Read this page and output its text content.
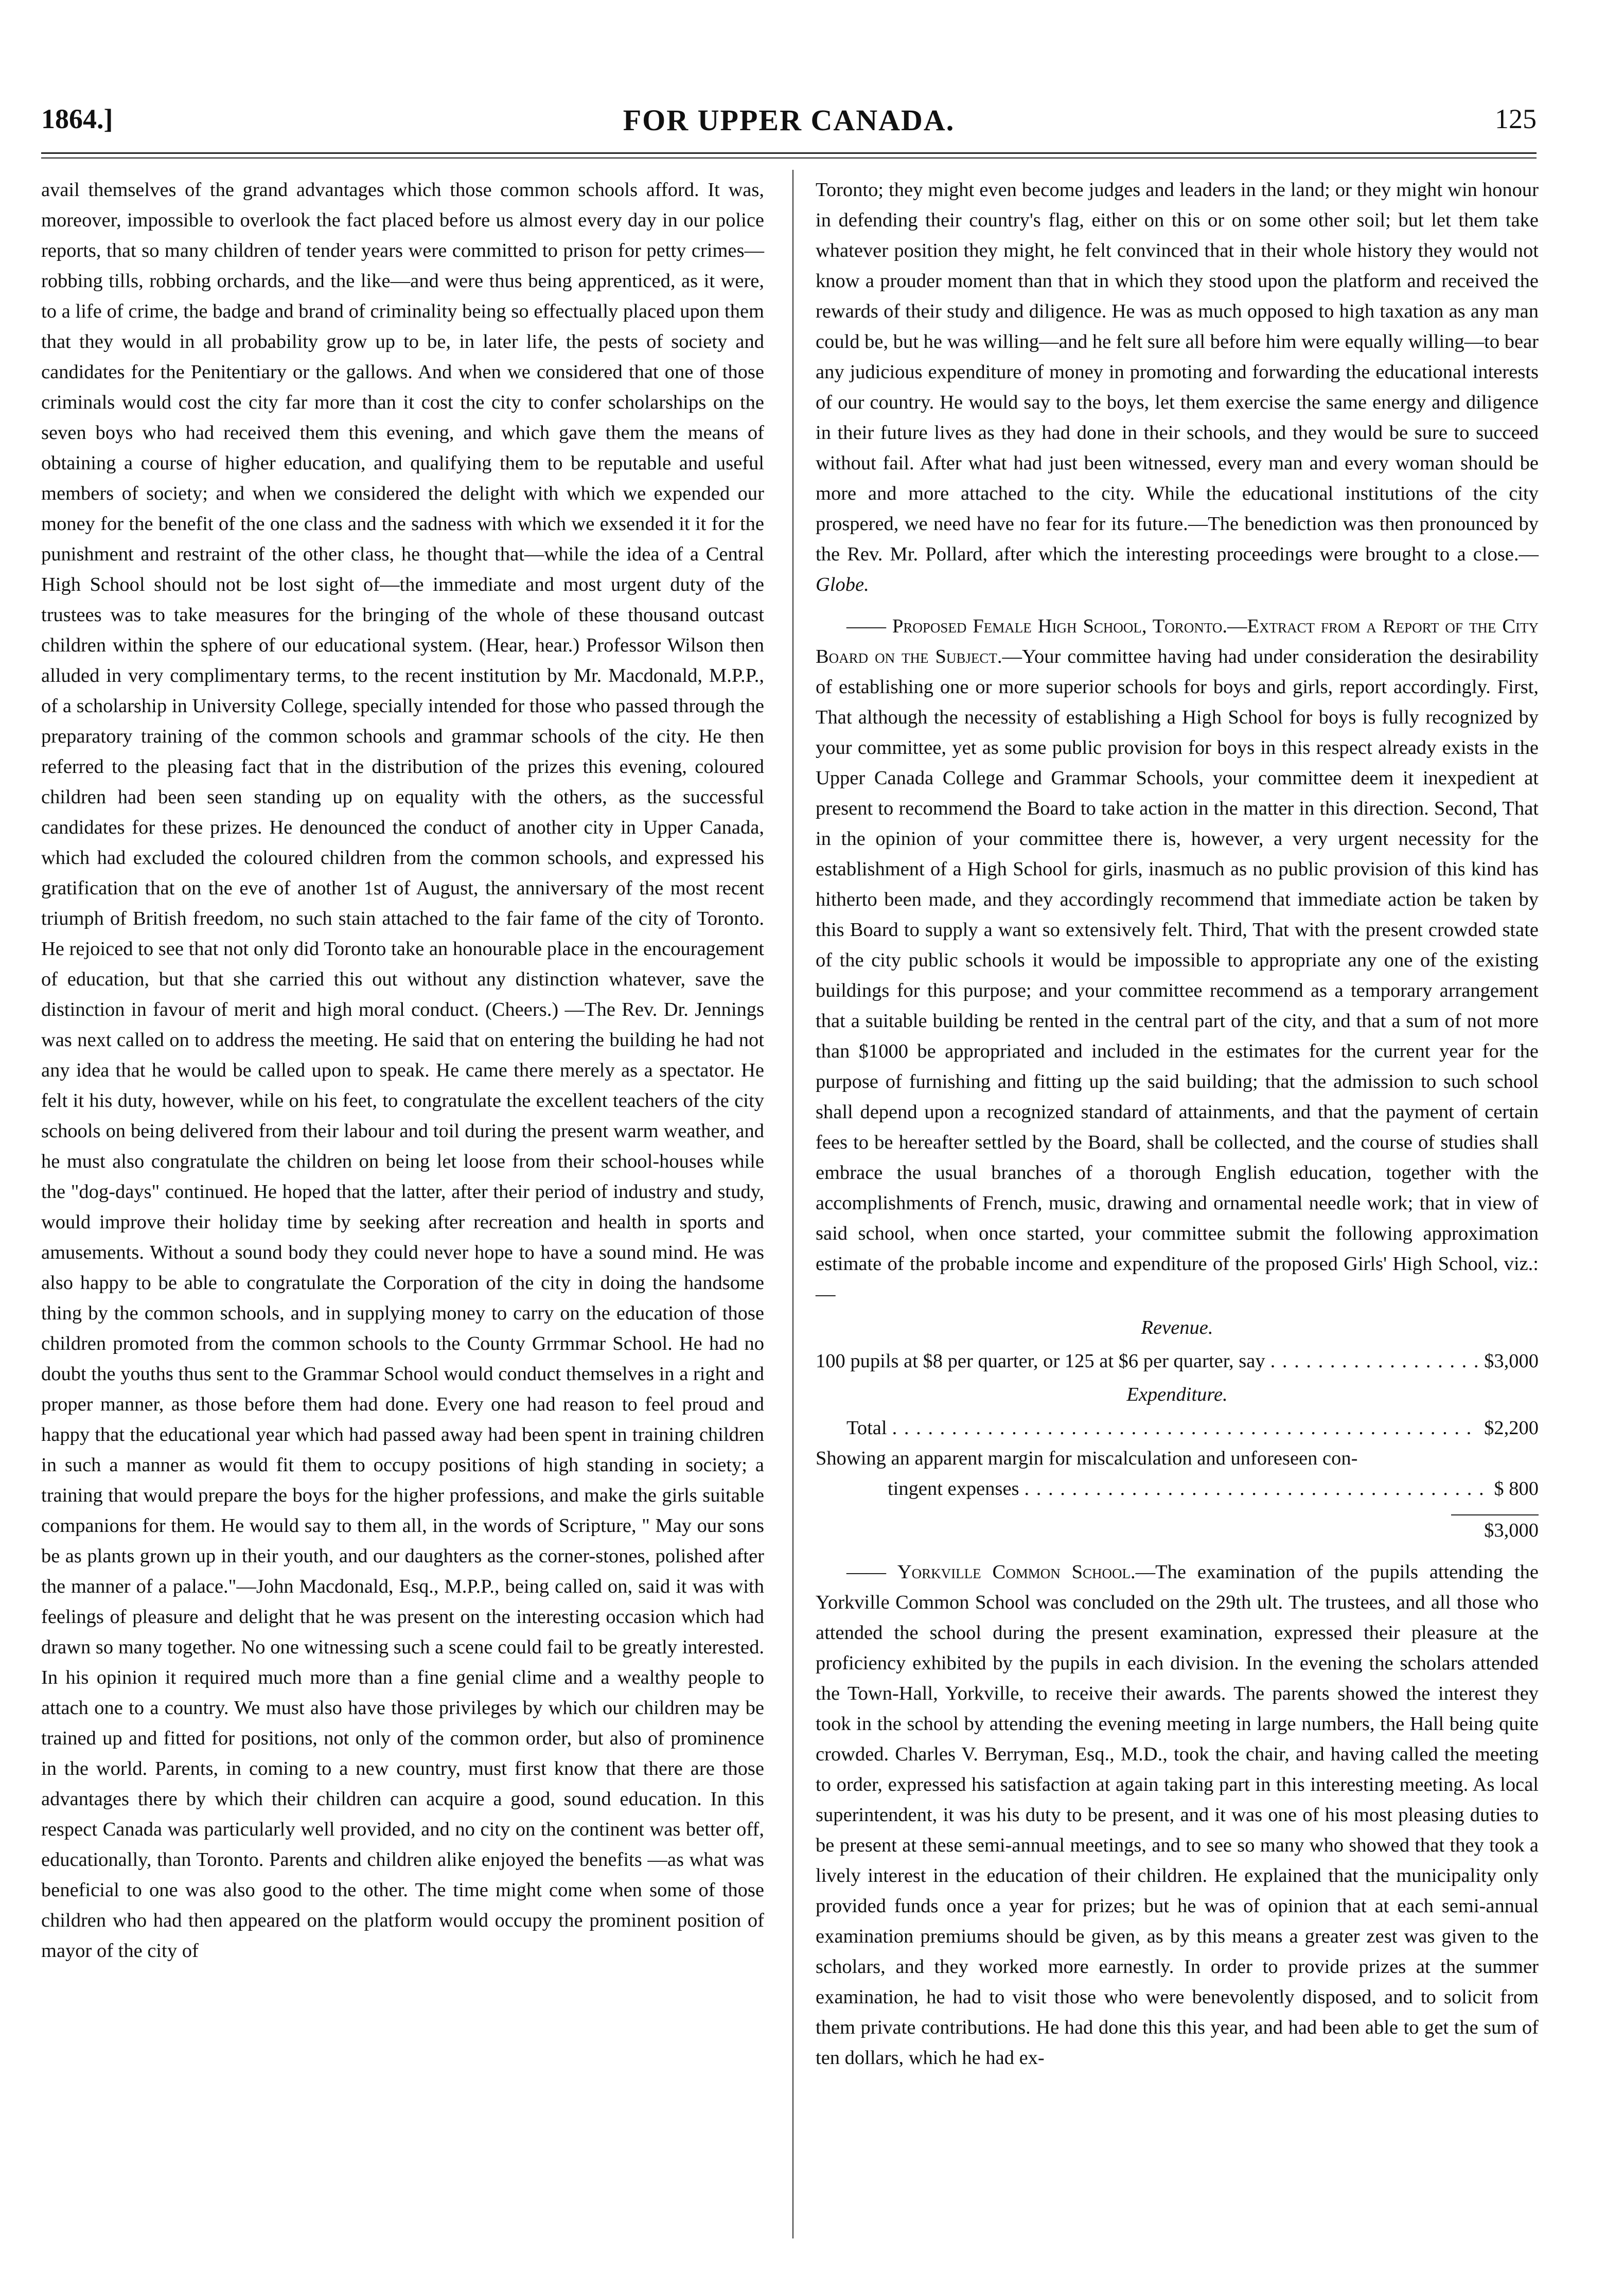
1864.]	FOR UPPER CANADA.	125

avail themselves of the grand advantages which those common schools afford. It was, moreover, impossible to overlook the fact placed before us almost every day in our police reports, that so many children of tender years were committed to prison for petty crimes—robbing tills, robbing orchards, and the like—and were thus being apprenticed, as it were, to a life of crime, the badge and brand of criminality being so effectually placed upon them that they would in all probability grow up to be, in later life, the pests of society and candidates for the Penitentiary or the gallows. And when we considered that one of those criminals would cost the city far more than it cost the city to confer scholarships on the seven boys who had received them this evening, and which gave them the means of obtaining a course of higher education, and qualifying them to be reputable and useful members of society; and when we considered the delight with which we expended our money for the benefit of the one class and the sadness with which we exsended it it for the punishment and restraint of the other class, he thought that—while the idea of a Central High School should not be lost sight of—the immediate and most urgent duty of the trustees was to take measures for the bringing of the whole of these thousand outcast children within the sphere of our educational system. (Hear, hear.) Professor Wilson then alluded in very complimentary terms, to the recent institution by Mr. Macdonald, M.P.P., of a scholarship in University College, specially intended for those who passed through the preparatory training of the common schools and grammar schools of the city. He then referred to the pleasing fact that in the distribution of the prizes this evening, coloured children had been seen standing up on equality with the others, as the successful candidates for these prizes. He denounced the conduct of another city in Upper Canada, which had excluded the coloured children from the common schools, and expressed his gratification that on the eve of another 1st of August, the anniversary of the most recent triumph of British freedom, no such stain attached to the fair fame of the city of Toronto. He rejoiced to see that not only did Toronto take an honourable place in the encouragement of education, but that she carried this out without any distinction whatever, save the distinction in favour of merit and high moral conduct. (Cheers.) —The Rev. Dr. Jennings was next called on to address the meeting. He said that on entering the building he had not any idea that he would be called upon to speak. He came there merely as a spectator. He felt it his duty, however, while on his feet, to congratulate the excellent teachers of the city schools on being delivered from their labour and toil during the present warm weather, and he must also congratulate the children on being let loose from their school-houses while the "dog-days" continued. He hoped that the latter, after their period of industry and study, would improve their holiday time by seeking after recreation and health in sports and amusements. Without a sound body they could never hope to have a sound mind. He was also happy to be able to congratulate the Corporation of the city in doing the handsome thing by the common schools, and in supplying money to carry on the education of those children promoted from the common schools to the County Grrmmar School. He had no doubt the youths thus sent to the Grammar School would conduct themselves in a right and proper manner, as those before them had done. Every one had reason to feel proud and happy that the educational year which had passed away had been spent in training children in such a manner as would fit them to occupy positions of high standing in society; a training that would prepare the boys for the higher professions, and make the girls suitable companions for them. He would say to them all, in the words of Scripture, " May our sons be as plants grown up in their youth, and our daughters as the corner-stones, polished after the manner of a palace."—John Macdonald, Esq., M.P.P., being called on, said it was with feelings of pleasure and delight that he was present on the interesting occasion which had drawn so many together. No one witnessing such a scene could fail to be greatly interested. In his opinion it required much more than a fine genial clime and a wealthy people to attach one to a country. We must also have those privileges by which our children may be trained up and fitted for positions, not only of the common order, but also of prominence in the world. Parents, in coming to a new country, must first know that there are those advantages there by which their children can acquire a good, sound education. In this respect Canada was particularly well provided, and no city on the continent was better off, educationally, than Toronto. Parents and children alike enjoyed the benefits —as what was beneficial to one was also good to the other. The time might come when some of those children who had then appeared on the platform would occupy the prominent position of mayor of the city of

Toronto; they might even become judges and leaders in the land; or they might win honour in defending their country's flag, either on this or on some other soil; but let them take whatever position they might, he felt convinced that in their whole history they would not know a prouder moment than that in which they stood upon the platform and received the rewards of their study and diligence. He was as much opposed to high taxation as any man could be, but he was willing—and he felt sure all before him were equally willing—to bear any judicious expenditure of money in promoting and forwarding the educational interests of our country. He would say to the boys, let them exercise the same energy and diligence in their future lives as they had done in their schools, and they would be sure to succeed without fail. After what had just been witnessed, every man and every woman should be more and more attached to the city. While the educational institutions of the city prospered, we need have no fear for its future.—The benediction was then pronounced by the Rev. Mr. Pollard, after which the interesting proceedings were brought to a close.—Globe.

—— Proposed Female High School, Toronto.—Extract from a Report of the City Board on the Subject.—Your committee having had under consideration the desirability of establishing one or more superior schools for boys and girls, report accordingly. First, That although the necessity of establishing a High School for boys is fully recognized by your committee, yet as some public provision for boys in this respect already exists in the Upper Canada College and Grammar Schools, your committee deem it inexpedient at present to recommend the Board to take action in the matter in this direction. Second, That in the opinion of your committee there is, however, a very urgent necessity for the establishment of a High School for girls, inasmuch as no public provision of this kind has hitherto been made, and they accordingly recommend that immediate action be taken by this Board to supply a want so extensively felt. Third, That with the present crowded state of the city public schools it would be impossible to appropriate any one of the existing buildings for this purpose; and your committee recommend as a temporary arrangement that a suitable building be rented in the central part of the city, and that a sum of not more than $1000 be appropriated and included in the estimates for the current year for the purpose of furnishing and fitting up the said building; that the admission to such school shall depend upon a recognized standard of attainments, and that the payment of certain fees to be hereafter settled by the Board, shall be collected, and the course of studies shall embrace the usual branches of a thorough English education, together with the accomplishments of French, music, drawing and ornamental needle work; that in view of said school, when once started, your committee submit the following approximation estimate of the probable income and expenditure of the proposed Girls' High School, viz.:—

Revenue.

100 pupils at $8 per quarter, or 125 at $6 per quarter, say . . .	$3,000

Expenditure.

Total . . .	$2,200
Showing an apparent margin for miscalculation and unforeseen con-
tingent expenses . . .	$ 800
$3,000

—— Yorkville Common School.—The examination of the pupils attending the Yorkville Common School was concluded on the 29th ult. The trustees, and all those who attended the school during the present examination, expressed their pleasure at the proficiency exhibited by the pupils in each division. In the evening the scholars attended the Town-Hall, Yorkville, to receive their awards. The parents showed the interest they took in the school by attending the evening meeting in large numbers, the Hall being quite crowded. Charles V. Berryman, Esq., M.D., took the chair, and having called the meeting to order, expressed his satisfaction at again taking part in this interesting meeting. As local superintendent, it was his duty to be present, and it was one of his most pleasing duties to be present at these semi-annual meetings, and to see so many who showed that they took a lively interest in the education of their children. He explained that the municipality only provided funds once a year for prizes; but he was of opinion that at each semi-annual examination premiums should be given, as by this means a greater zest was given to the scholars, and they worked more earnestly. In order to provide prizes at the summer examination, he had to visit those who were benevolently disposed, and to solicit from them private contributions. He had done this this year, and had been able to get the sum of ten dollars, which he had ex-
